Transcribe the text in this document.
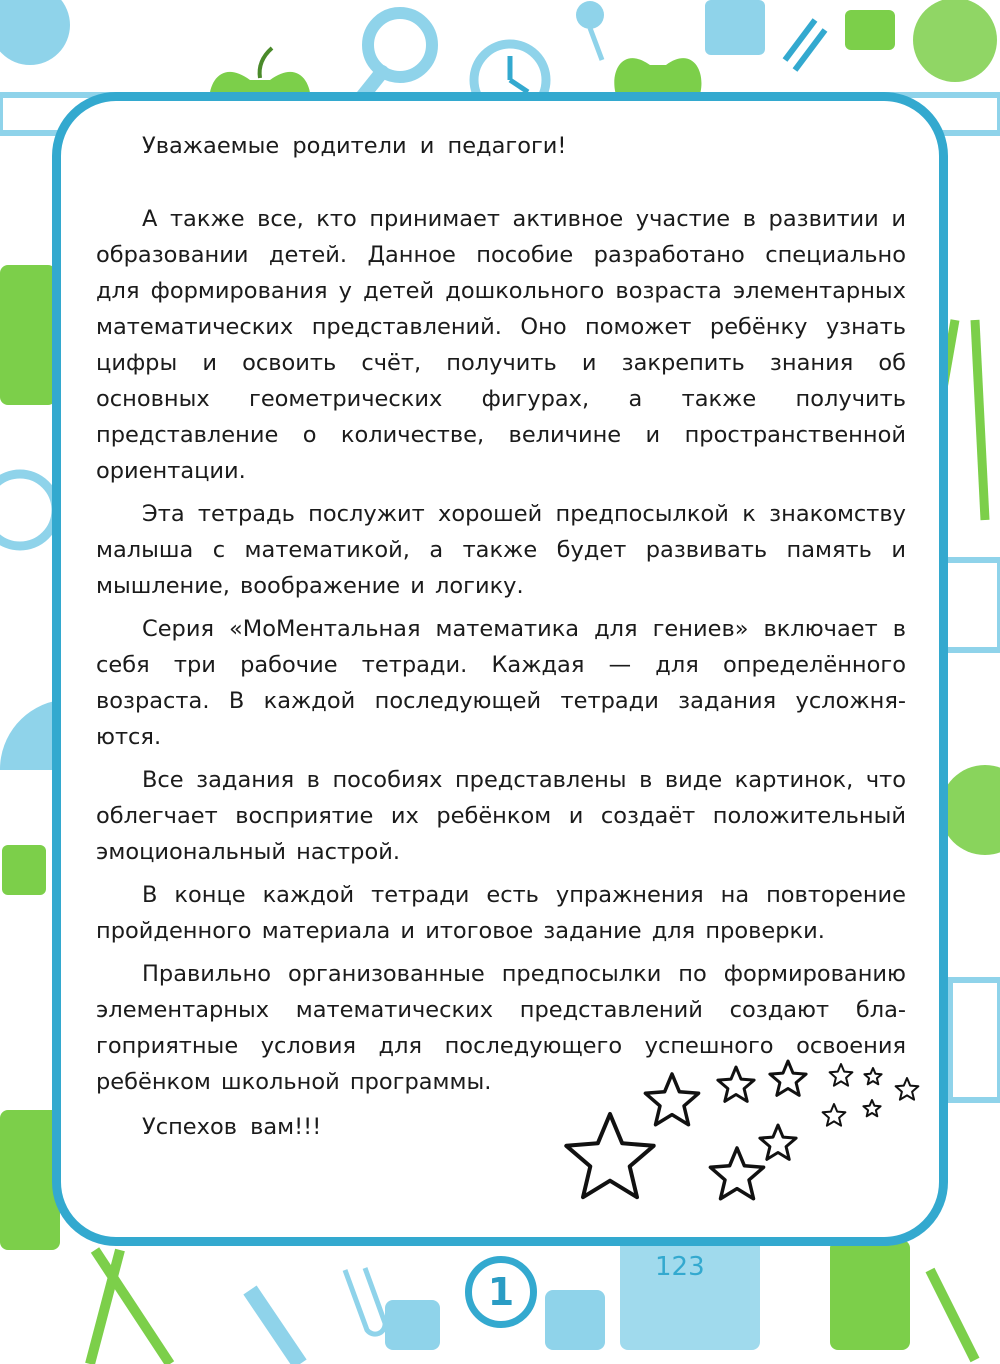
123

Уважаемые родители и педагоги!

А также все, кто принимает активное участие в развитии и образовании детей. Данное пособие разработано специально для формирования у детей дошкольного возраста элементарных математических представлений. Оно поможет ребёнку узнать цифры и освоить счёт, получить и закрепить знания об основных геометрических фигурах, а также получить представление о количестве, величине и пространственной ориентации.

Эта тетрадь послужит хорошей предпосылкой к знакомству малыша с математикой, а также будет развивать память и мышление, воображение и логику.

Серия «МоМентальная математика для гениев» включает в себя три рабочие тетради. Каждая — для определённого возраста. В каждой последующей тетради задания усложняются.

Все задания в пособиях представлены в виде картинок, что облегчает восприятие их ребёнком и создаёт положительный эмоциональный настрой.

В конце каждой тетради есть упражнения на повторение пройденного материала и итоговое задание для проверки.

Правильно организованные предпосылки по формированию элементарных математических представлений создают благоприятные условия для последующего успешного освоения ребёнком школьной программы.

Успехов вам!!!

1
